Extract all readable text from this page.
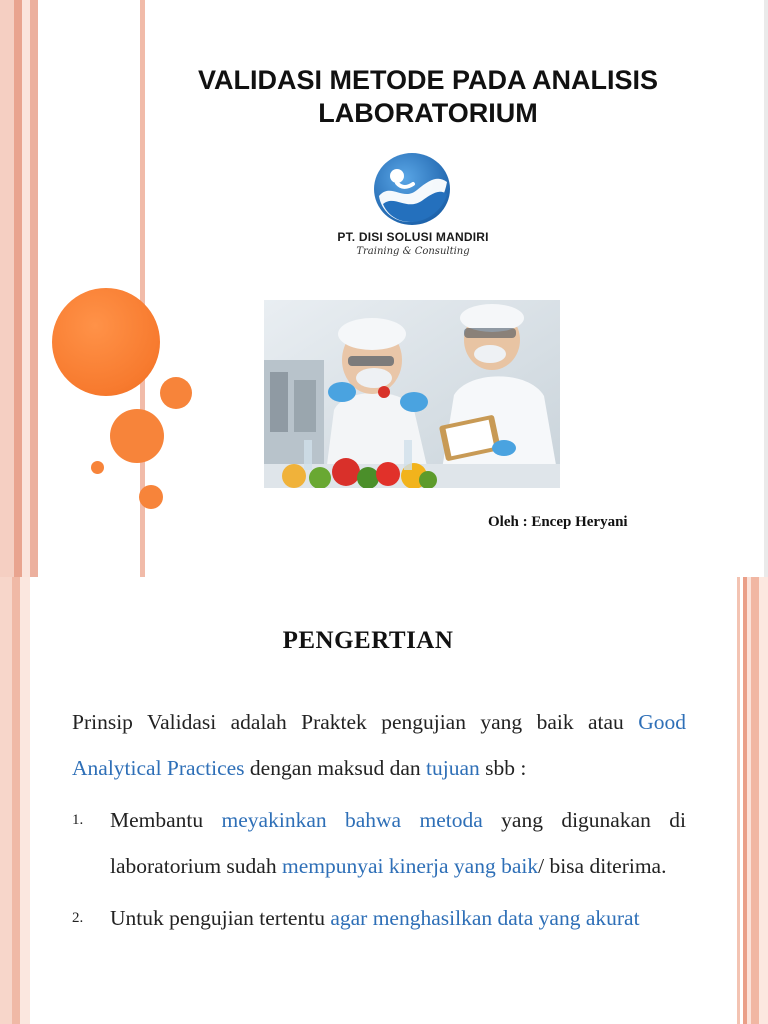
VALIDASI METODE PADA ANALISIS
LABORATORIUM
PT. DISI SOLUSI MANDIRI
Training & Consulting
Oleh : Encep Heryani
PENGERTIAN
Prinsip Validasi adalah Praktek pengujian yang baik atau Good Analytical Practices dengan maksud dan tujuan sbb :
1. Membantu meyakinkan bahwa metoda yang digunakan di laboratorium sudah mempunyai kinerja yang baik/ bisa diterima.
2. Untuk pengujian tertentu agar menghasilkan data yang akurat
